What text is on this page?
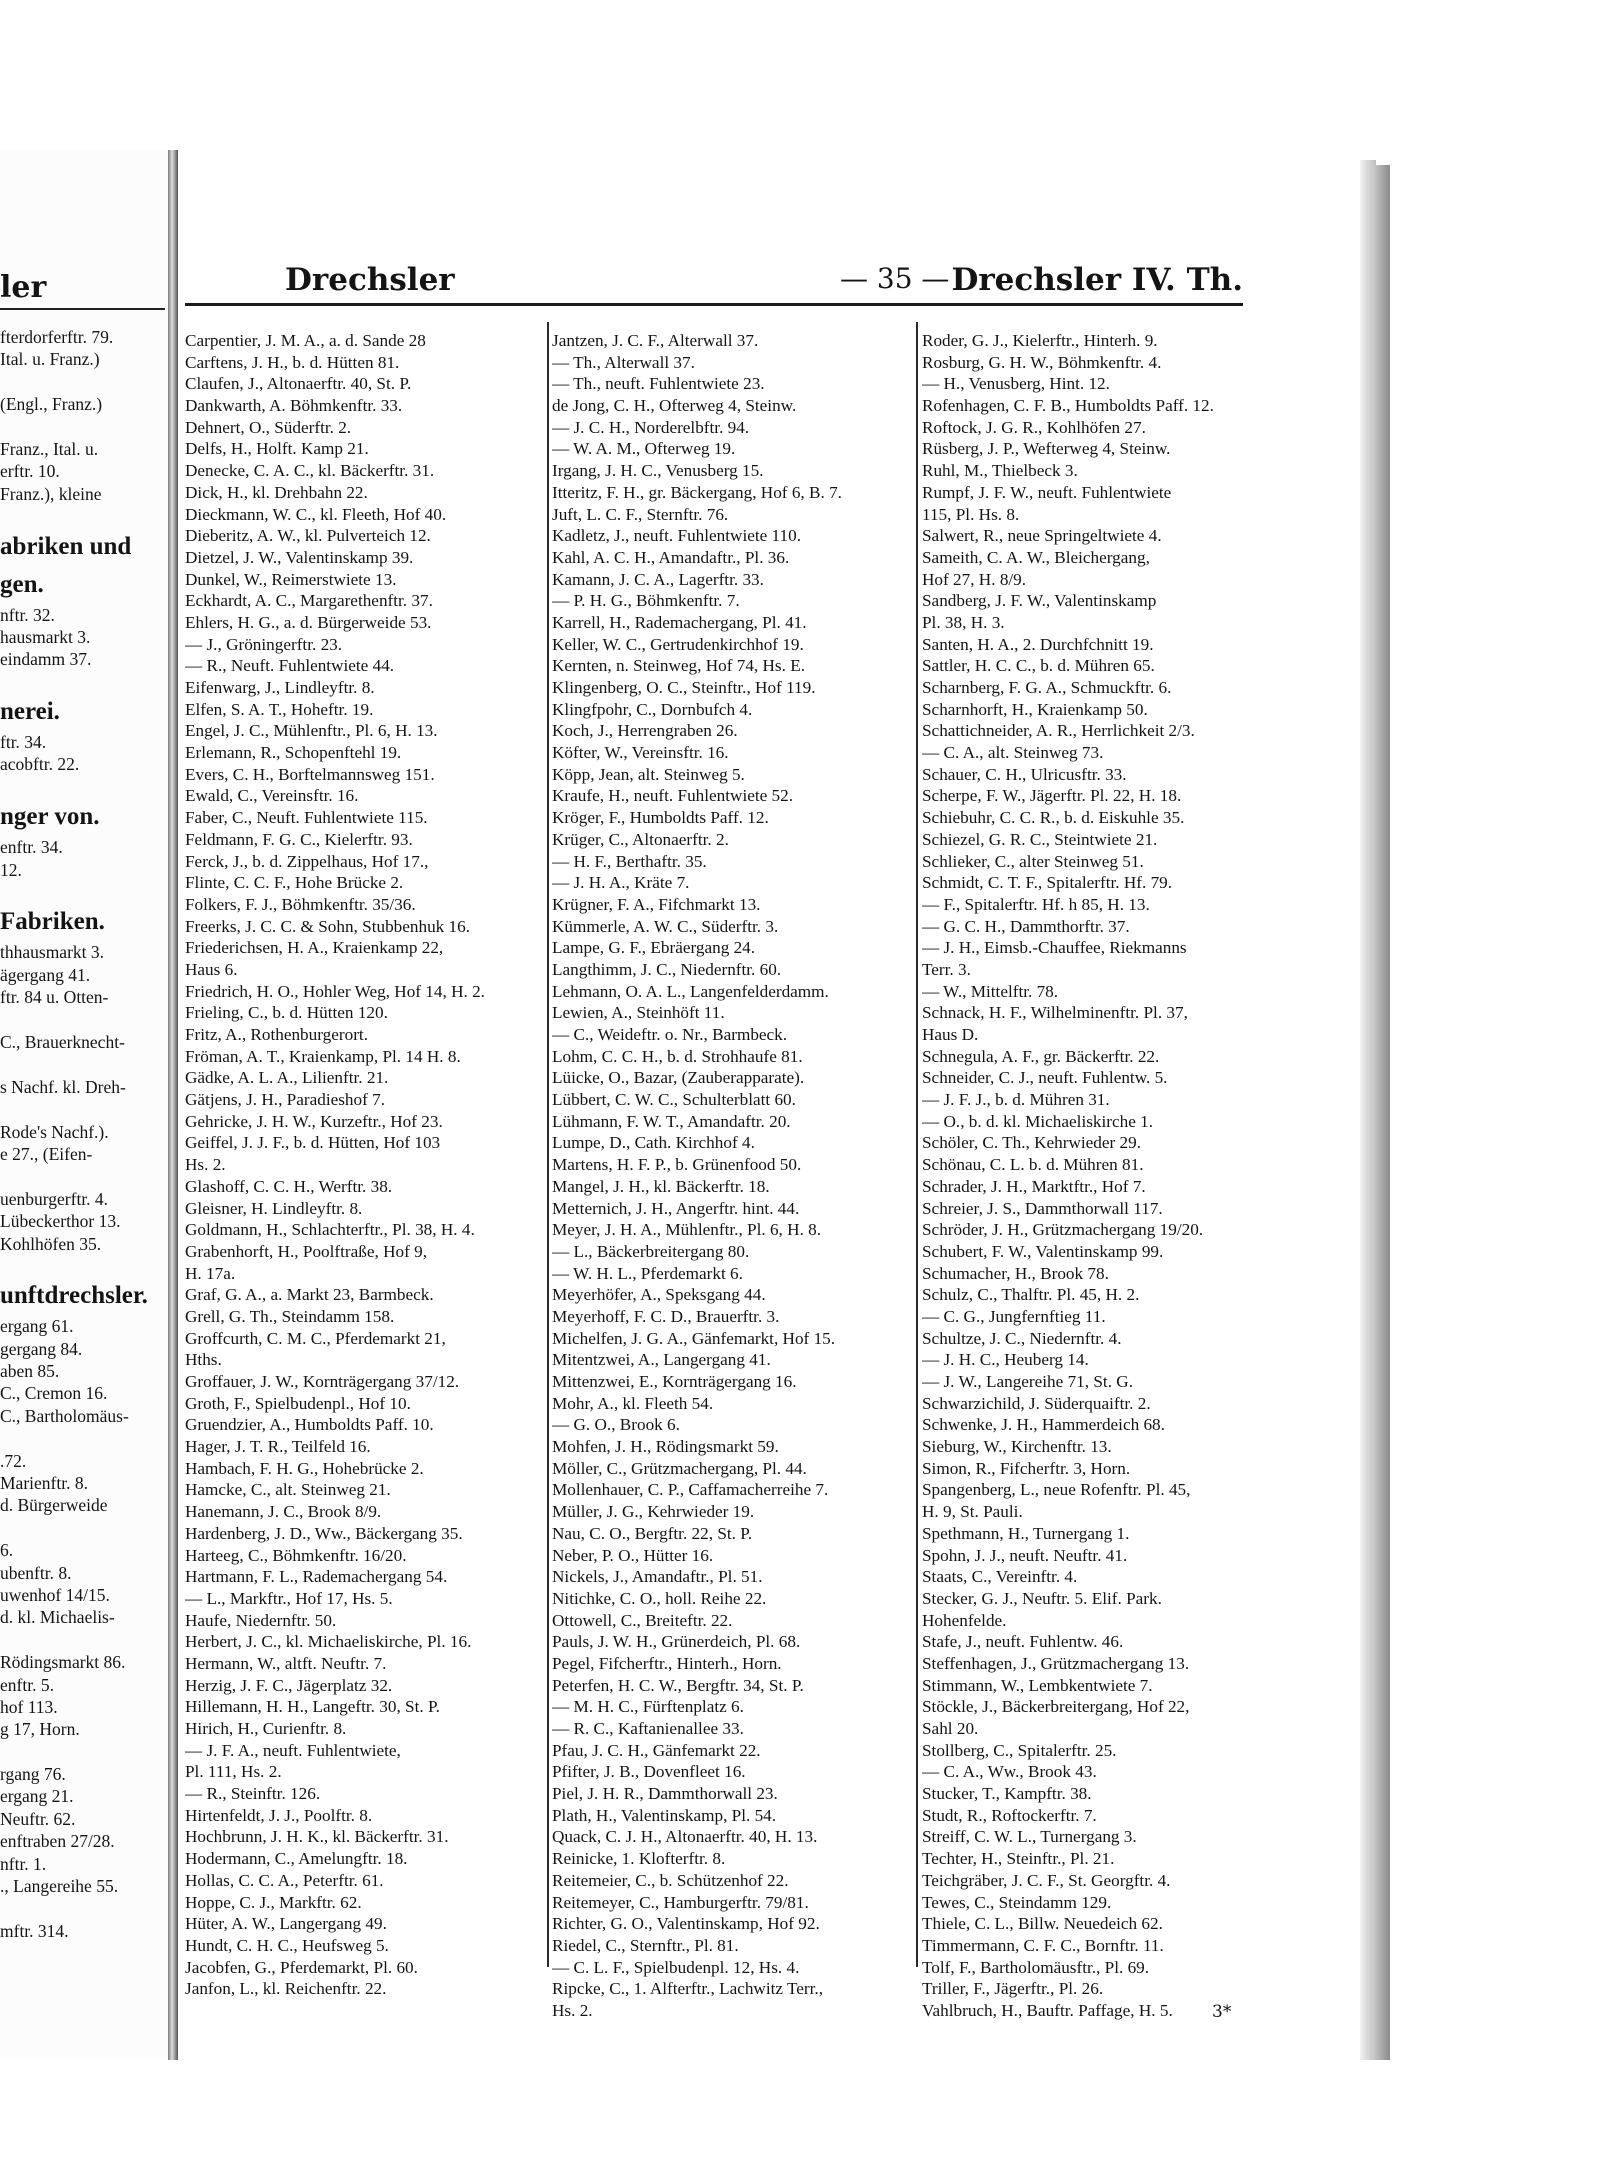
ler
fterdorferftr. 79.
Ital. u. Franz.)
(Engl., Franz.)
Franz., Ital. u.
erftr. 10.
Franz.), kleine
abriken und
gen.
nftr. 32.
hausmarkt 3.
eindamm 37.
nerei.
ftr. 34.
acobftr. 22.
nger von.
enftr. 34.
12.
Fabriken.
thhausmarkt 3.
ägergang 41.
ftr. 84 u. Otten-
C., Brauerknecht-
s Nachf. kl. Dreh-
Rode's Nachf.).
e 27., (Eifen-
uenburgerftr. 4.
Lübeckerthor 13.
Kohlhöfen 35.
unftdrechsler.
ergang 61.
gergang 84.
aben 85.
C., Cremon 16.
C., Bartholomäus-
.72.
Marienftr. 8.
d. Bürgerweide
6.
ubenftr. 8.
uwenhof 14/15.
d. kl. Michaelis-
Rödingsmarkt 86.
enftr. 5.
hof 113.
g 17, Horn.
rgang 76.
ergang 21.
Neuftr. 62.
enftraben 27/28.
nftr. 1.
., Langereihe 55.
mftr. 314.
Drechsler	— 35 — Drechsler IV. Th.
Carpentier, J. M. A., a. d. Sande 28
Carftens, J. H., b. d. Hütten 81.
Claufen, J., Altonaerftr. 40, St. P.
Dankwarth, A. Böhmkenftr. 33.
Dehnert, O., Süderftr. 2.
Delfs, H., Holft. Kamp 21.
Denecke, C. A. C., kl. Bäckerftr. 31.
Dick, H., kl. Drehbahn 22.
Dieckmann, W. C., kl. Fleeth, Hof 40.
Dieberitz, A. W., kl. Pulverteich 12.
Dietzel, J. W., Valentinskamp 39.
Dunkel, W., Reimerstwiete 13.
Eckhardt, A. C., Margarethenftr. 37.
Ehlers, H. G., a. d. Bürgerweide 53.
— J., Gröningerftr. 23.
— R., Neuft. Fuhlentwiete 44.
Eifenwarg, J., Lindleyftr. 8.
Elfen, S. A. T., Hoheftr. 19.
Engel, J. C., Mühlenftr., Pl. 6, H. 13.
Erlemann, R., Schopenftehl 19.
Evers, C. H., Borftelmannsweg 151.
Ewald, C., Vereinsftr. 16.
Faber, C., Neuft. Fuhlentwiete 115.
Feldmann, F. G. C., Kielerftr. 93.
Ferck, J., b. d. Zippelhaus, Hof 17.,
Flinte, C. C. F., Hohe Brücke 2.
Folkers, F. J., Böhmkenftr. 35/36.
Freerks, J. C. C. & Sohn, Stubbenhuk 16.
Friederichsen, H. A., Kraienkamp 22,
Haus 6.
Friedrich, H. O., Hohler Weg, Hof 14, H. 2.
Frieling, C., b. d. Hütten 120.
Fritz, A., Rothenburgerort.
Fröman, A. T., Kraienkamp, Pl. 14 H. 8.
Gädke, A. L. A., Lilienftr. 21.
Gätjens, J. H., Paradieshof 7.
Gehricke, J. H. W., Kurzeftr., Hof 23.
Geiffel, J. J. F., b. d. Hütten, Hof 103
Hs. 2.
Glashoff, C. C. H., Werftr. 38.
Gleisner, H. Lindleyftr. 8.
Goldmann, H., Schlachterftr., Pl. 38, H. 4.
Grabenhorft, H., Poolftraße, Hof 9,
H. 17a.
Graf, G. A., a. Markt 23, Barmbeck.
Grell, G. Th., Steindamm 158.
Groffcurth, C. M. C., Pferdemarkt 21,
Hths.
Groffauer, J. W., Kornträgergang 37/12.
Groth, F., Spielbudenpl., Hof 10.
Gruendzier, A., Humboldts Paff. 10.
Hager, J. T. R., Teilfeld 16.
Hambach, F. H. G., Hohebrücke 2.
Hamcke, C., alt. Steinweg 21.
Hanemann, J. C., Brook 8/9.
Hardenberg, J. D., Ww., Bäckergang 35.
Harteeg, C., Böhmkenftr. 16/20.
Hartmann, F. L., Rademachergang 54.
— L., Markftr., Hof 17, Hs. 5.
Haufe, Niedernftr. 50.
Herbert, J. C., kl. Michaeliskirche, Pl. 16.
Hermann, W., altft. Neuftr. 7.
Herzig, J. F. C., Jägerplatz 32.
Hillemann, H. H., Langeftr. 30, St. P.
Hirich, H., Curienftr. 8.
— J. F. A., neuft. Fuhlentwiete,
Pl. 111, Hs. 2.
— R., Steinftr. 126.
Hirtenfeldt, J. J., Poolftr. 8.
Hochbrunn, J. H. K., kl. Bäckerftr. 31.
Hodermann, C., Amelungftr. 18.
Hollas, C. C. A., Peterftr. 61.
Hoppe, C. J., Markftr. 62.
Hüter, A. W., Langergang 49.
Hundt, C. H. C., Heufsweg 5.
Jacobfen, G., Pferdemarkt, Pl. 60.
Janfon, L., kl. Reichenftr. 22.
Jantzen, J. C. F., Alterwall 37.
— Th., Alterwall 37.
— Th., neuft. Fuhlentwiete 23.
de Jong, C. H., Ofterweg 4, Steinw.
— J. C. H., Norderelbftr. 94.
— W. A. M., Ofterweg 19.
Irgang, J. H. C., Venusberg 15.
Itteritz, F. H., gr. Bäckergang, Hof 6, B. 7.
Juft, L. C. F., Sternftr. 76.
Kadletz, J., neuft. Fuhlentwiete 110.
Kahl, A. C. H., Amandaftr., Pl. 36.
Kamann, J. C. A., Lagerftr. 33.
— P. H. G., Böhmkenftr. 7.
Karrell, H., Rademachergang, Pl. 41.
Keller, W. C., Gertrudenkirchhof 19.
Kernten, n. Steinweg, Hof 74, Hs. E.
Klingenberg, O. C., Steinftr., Hof 119.
Klingfpohr, C., Dornbufch 4.
Koch, J., Herrengraben 26.
Köfter, W., Vereinsftr. 16.
Köpp, Jean, alt. Steinweg 5.
Kraufe, H., neuft. Fuhlentwiete 52.
Kröger, F., Humboldts Paff. 12.
Krüger, C., Altonaerftr. 2.
— H. F., Berthaftr. 35.
— J. H. A., Kräte 7.
Krügner, F. A., Fifchmarkt 13.
Kümmerle, A. W. C., Süderftr. 3.
Lampe, G. F., Ebräergang 24.
Langthimm, J. C., Niedernftr. 60.
Lehmann, O. A. L., Langenfelderdamm.
Lewien, A., Steinhöft 11.
— C., Weideftr. o. Nr., Barmbeck.
Lohm, C. C. H., b. d. Strohhaufe 81.
Lüicke, O., Bazar, (Zauberapparate).
Lübbert, C. W. C., Schulterblatt 60.
Lühmann, F. W. T., Amandaftr. 20.
Lumpe, D., Cath. Kirchhof 4.
Martens, H. F. P., b. Grünenfood 50.
Mangel, J. H., kl. Bäckerftr. 18.
Metternich, J. H., Angerftr. hint. 44.
Meyer, J. H. A., Mühlenftr., Pl. 6, H. 8.
— L., Bäckerbreitergang 80.
— W. H. L., Pferdemarkt 6.
Meyerhöfer, A., Speksgang 44.
Meyerhoff, F. C. D., Brauerftr. 3.
Michelfen, J. G. A., Gänfemarkt, Hof 15.
Mitentzwei, A., Langergang 41.
Mittenzwei, E., Kornträgergang 16.
Mohr, A., kl. Fleeth 54.
— G. O., Brook 6.
Mohfen, J. H., Rödingsmarkt 59.
Möller, C., Grützmachergang, Pl. 44.
Mollenhauer, C. P., Caffamacherreihe 7.
Müller, J. G., Kehrwieder 19.
Nau, C. O., Bergftr. 22, St. P.
Neber, P. O., Hütter 16.
Nickels, J., Amandaftr., Pl. 51.
Nitichke, C. O., holl. Reihe 22.
Ottowell, C., Breiteftr. 22.
Pauls, J. W. H., Grünerdeich, Pl. 68.
Pegel, Fifcherftr., Hinterh., Horn.
Peterfen, H. C. W., Bergftr. 34, St. P.
— M. H. C., Fürftenplatz 6.
— R. C., Kaftanienallee 33.
Pfau, J. C. H., Gänfemarkt 22.
Pfifter, J. B., Dovenfleet 16.
Piel, J. H. R., Dammthorwall 23.
Plath, H., Valentinskamp, Pl. 54.
Quack, C. J. H., Altonaerftr. 40, H. 13.
Reinicke, 1. Klofterftr. 8.
Reitemeier, C., b. Schützenhof 22.
Reitemeyer, C., Hamburgerftr. 79/81.
Richter, G. O., Valentinskamp, Hof 92.
Riedel, C., Sternftr., Pl. 81.
— C. L. F., Spielbudenpl. 12, Hs. 4.
Ripcke, C., 1. Alfterftr., Lachwitz Terr.,
Hs. 2.
Roder, G. J., Kielerftr., Hinterh. 9.
Rosburg, G. H. W., Böhmkenftr. 4.
— H., Venusberg, Hint. 12.
Rofenhagen, C. F. B., Humboldts Paff. 12.
Roftock, J. G. R., Kohlhöfen 27.
Rüsberg, J. P., Wefterweg 4, Steinw.
Ruhl, M., Thielbeck 3.
Rumpf, J. F. W., neuft. Fuhlentwiete
115, Pl. Hs. 8.
Salwert, R., neue Springeltwiete 4.
Sameith, C. A. W., Bleichergang,
Hof 27, H. 8/9.
Sandberg, J. F. W., Valentinskamp
Pl. 38, H. 3.
Santen, H. A., 2. Durchfchnitt 19.
Sattler, H. C. C., b. d. Mühren 65.
Scharnberg, F. G. A., Schmuckftr. 6.
Scharnhorft, H., Kraienkamp 50.
Schattichneider, A. R., Herrlichkeit 2/3.
— C. A., alt. Steinweg 73.
Schauer, C. H., Ulricusftr. 33.
Scherpe, F. W., Jägerftr. Pl. 22, H. 18.
Schiebuhr, C. C. R., b. d. Eiskuhle 35.
Schiezel, G. R. C., Steintwiete 21.
Schlieker, C., alter Steinweg 51.
Schmidt, C. T. F., Spitalerftr. Hf. 79.
— F., Spitalerftr. Hf. h 85, H. 13.
— G. C. H., Dammthorftr. 37.
— J. H., Eimsb.-Chauffee, Riekmanns
Terr. 3.
— W., Mittelftr. 78.
Schnack, H. F., Wilhelminenftr. Pl. 37,
Haus D.
Schnegula, A. F., gr. Bäckerftr. 22.
Schneider, C. J., neuft. Fuhlentw. 5.
— J. F. J., b. d. Mühren 31.
— O., b. d. kl. Michaeliskirche 1.
Schöler, C. Th., Kehrwieder 29.
Schönau, C. L. b. d. Mühren 81.
Schrader, J. H., Marktftr., Hof 7.
Schreier, J. S., Dammthorwall 117.
Schröder, J. H., Grützmachergang 19/20.
Schubert, F. W., Valentinskamp 99.
Schumacher, H., Brook 78.
Schulz, C., Thalftr. Pl. 45, H. 2.
— C. G., Jungfernftieg 11.
Schultze, J. C., Niedernftr. 4.
— J. H. C., Heuberg 14.
— J. W., Langereihe 71, St. G.
Schwarzichild, J. Süderquaiftr. 2.
Schwenke, J. H., Hammerdeich 68.
Sieburg, W., Kirchenftr. 13.
Simon, R., Fifcherftr. 3, Horn.
Spangenberg, L., neue Rofenftr. Pl. 45,
H. 9, St. Pauli.
Spethmann, H., Turnergang 1.
Spohn, J. J., neuft. Neuftr. 41.
Staats, C., Vereinftr. 4.
Stecker, G. J., Neuftr. 5. Elif. Park.
Hohenfelde.
Stafe, J., neuft. Fuhlentw. 46.
Steffenhagen, J., Grützmachergang 13.
Stimmann, W., Lembkentwiete 7.
Stöckle, J., Bäckerbreitergang, Hof 22,
Sahl 20.
Stollberg, C., Spitalerftr. 25.
— C. A., Ww., Brook 43.
Stucker, T., Kampftr. 38.
Studt, R., Roftockerftr. 7.
Streiff, C. W. L., Turnergang 3.
Techter, H., Steinftr., Pl. 21.
Teichgräber, J. C. F., St. Georgftr. 4.
Tewes, C., Steindamm 129.
Thiele, C. L., Billw. Neuedeich 62.
Timmermann, C. F. C., Bornftr. 11.
Tolf, F., Bartholomäusftr., Pl. 69.
Triller, F., Jägerftr., Pl. 26.
Vahlbruch, H., Bauftr. Paffage, H. 5.	3*
